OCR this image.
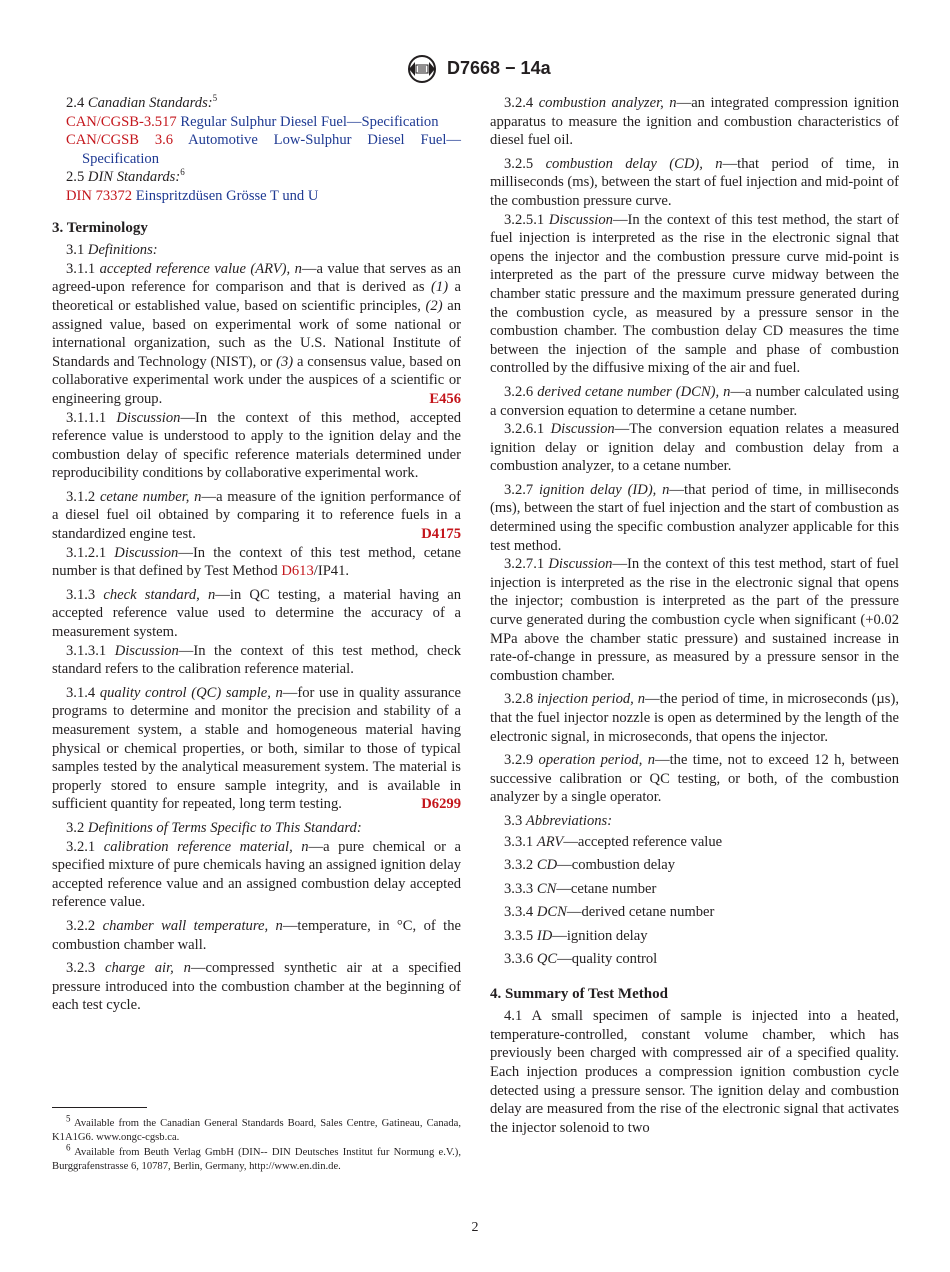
D7668 − 14a
2.4 Canadian Standards:$^5$
CAN/CGSB-3.517 Regular Sulphur Diesel Fuel—Specification
CAN/CGSB 3.6 Automotive Low-Sulphur Diesel Fuel—Specification
2.5 DIN Standards:$^6$
DIN 73372 Einspritzdüsen Grösse T und U
3. Terminology
3.1 Definitions:
3.1.1 accepted reference value (ARV), n—a value that serves as an agreed-upon reference for comparison and that is derived as (1) a theoretical or established value, based on scientific principles, (2) an assigned value, based on experimental work of some national or international organization, such as the U.S. National Institute of Standards and Technology (NIST), or (3) a consensus value, based on collaborative experimental work under the auspices of a scientific or engineering group.	E456
3.1.1.1 Discussion—In the context of this method, accepted reference value is understood to apply to the ignition delay and the combustion delay of specific reference materials determined under reproducibility conditions by collaborative experimental work.
3.1.2 cetane number, n—a measure of the ignition performance of a diesel fuel oil obtained by comparing it to reference fuels in a standardized engine test.	D4175
3.1.2.1 Discussion—In the context of this test method, cetane number is that defined by Test Method D613/IP41.
3.1.3 check standard, n—in QC testing, a material having an accepted reference value used to determine the accuracy of a measurement system.
3.1.3.1 Discussion—In the context of this test method, check standard refers to the calibration reference material.
3.1.4 quality control (QC) sample, n—for use in quality assurance programs to determine and monitor the precision and stability of a measurement system, a stable and homogeneous material having physical or chemical properties, or both, similar to those of typical samples tested by the analytical measurement system. The material is properly stored to ensure sample integrity, and is available in sufficient quantity for repeated, long term testing.	D6299
3.2 Definitions of Terms Specific to This Standard:
3.2.1 calibration reference material, n—a pure chemical or a specified mixture of pure chemicals having an assigned ignition delay accepted reference value and an assigned combustion delay accepted reference value.
3.2.2 chamber wall temperature, n—temperature, in °C, of the combustion chamber wall.
3.2.3 charge air, n—compressed synthetic air at a specified pressure introduced into the combustion chamber at the beginning of each test cycle.
$^5$ Available from the Canadian General Standards Board, Sales Centre, Gatineau, Canada, K1A1G6. www.ongc-cgsb.ca.
$^6$ Available from Beuth Verlag GmbH (DIN-- DIN Deutsches Institut fur Normung e.V.), Burggrafenstrasse 6, 10787, Berlin, Germany, http://www.en.din.de.
3.2.4 combustion analyzer, n—an integrated compression ignition apparatus to measure the ignition and combustion characteristics of diesel fuel oil.
3.2.5 combustion delay (CD), n—that period of time, in milliseconds (ms), between the start of fuel injection and mid-point of the combustion pressure curve.
3.2.5.1 Discussion—In the context of this test method, the start of fuel injection is interpreted as the rise in the electronic signal that opens the injector and the combustion pressure curve mid-point is interpreted as the part of the pressure curve midway between the chamber static pressure and the maximum pressure generated during the combustion cycle, as measured by a pressure sensor in the combustion chamber. The combustion delay CD measures the time between the injection of the sample and phase of combustion controlled by the diffusive mixing of the air and fuel.
3.2.6 derived cetane number (DCN), n—a number calculated using a conversion equation to determine a cetane number.
3.2.6.1 Discussion—The conversion equation relates a measured ignition delay or ignition delay and combustion delay from a combustion analyzer, to a cetane number.
3.2.7 ignition delay (ID), n—that period of time, in milliseconds (ms), between the start of fuel injection and the start of combustion as determined using the specific combustion analyzer applicable for this test method.
3.2.7.1 Discussion—In the context of this test method, start of fuel injection is interpreted as the rise in the electronic signal that opens the injector; combustion is interpreted as the part of the pressure curve generated during the combustion cycle when significant (+0.02 MPa above the chamber static pressure) and sustained increase in rate-of-change in pressure, as measured by a pressure sensor in the combustion chamber.
3.2.8 injection period, n—the period of time, in microseconds (µs), that the fuel injector nozzle is open as determined by the length of the electronic signal, in microseconds, that opens the injector.
3.2.9 operation period, n—the time, not to exceed 12 h, between successive calibration or QC testing, or both, of the combustion analyzer by a single operator.
3.3 Abbreviations:
3.3.1 ARV—accepted reference value
3.3.2 CD—combustion delay
3.3.3 CN—cetane number
3.3.4 DCN—derived cetane number
3.3.5 ID—ignition delay
3.3.6 QC—quality control
4. Summary of Test Method
4.1 A small specimen of sample is injected into a heated, temperature-controlled, constant volume chamber, which has previously been charged with compressed air of a specified quality. Each injection produces a compression ignition combustion cycle detected using a pressure sensor. The ignition delay and combustion delay are measured from the rise of the electronic signal that activates the injector solenoid to two
2
